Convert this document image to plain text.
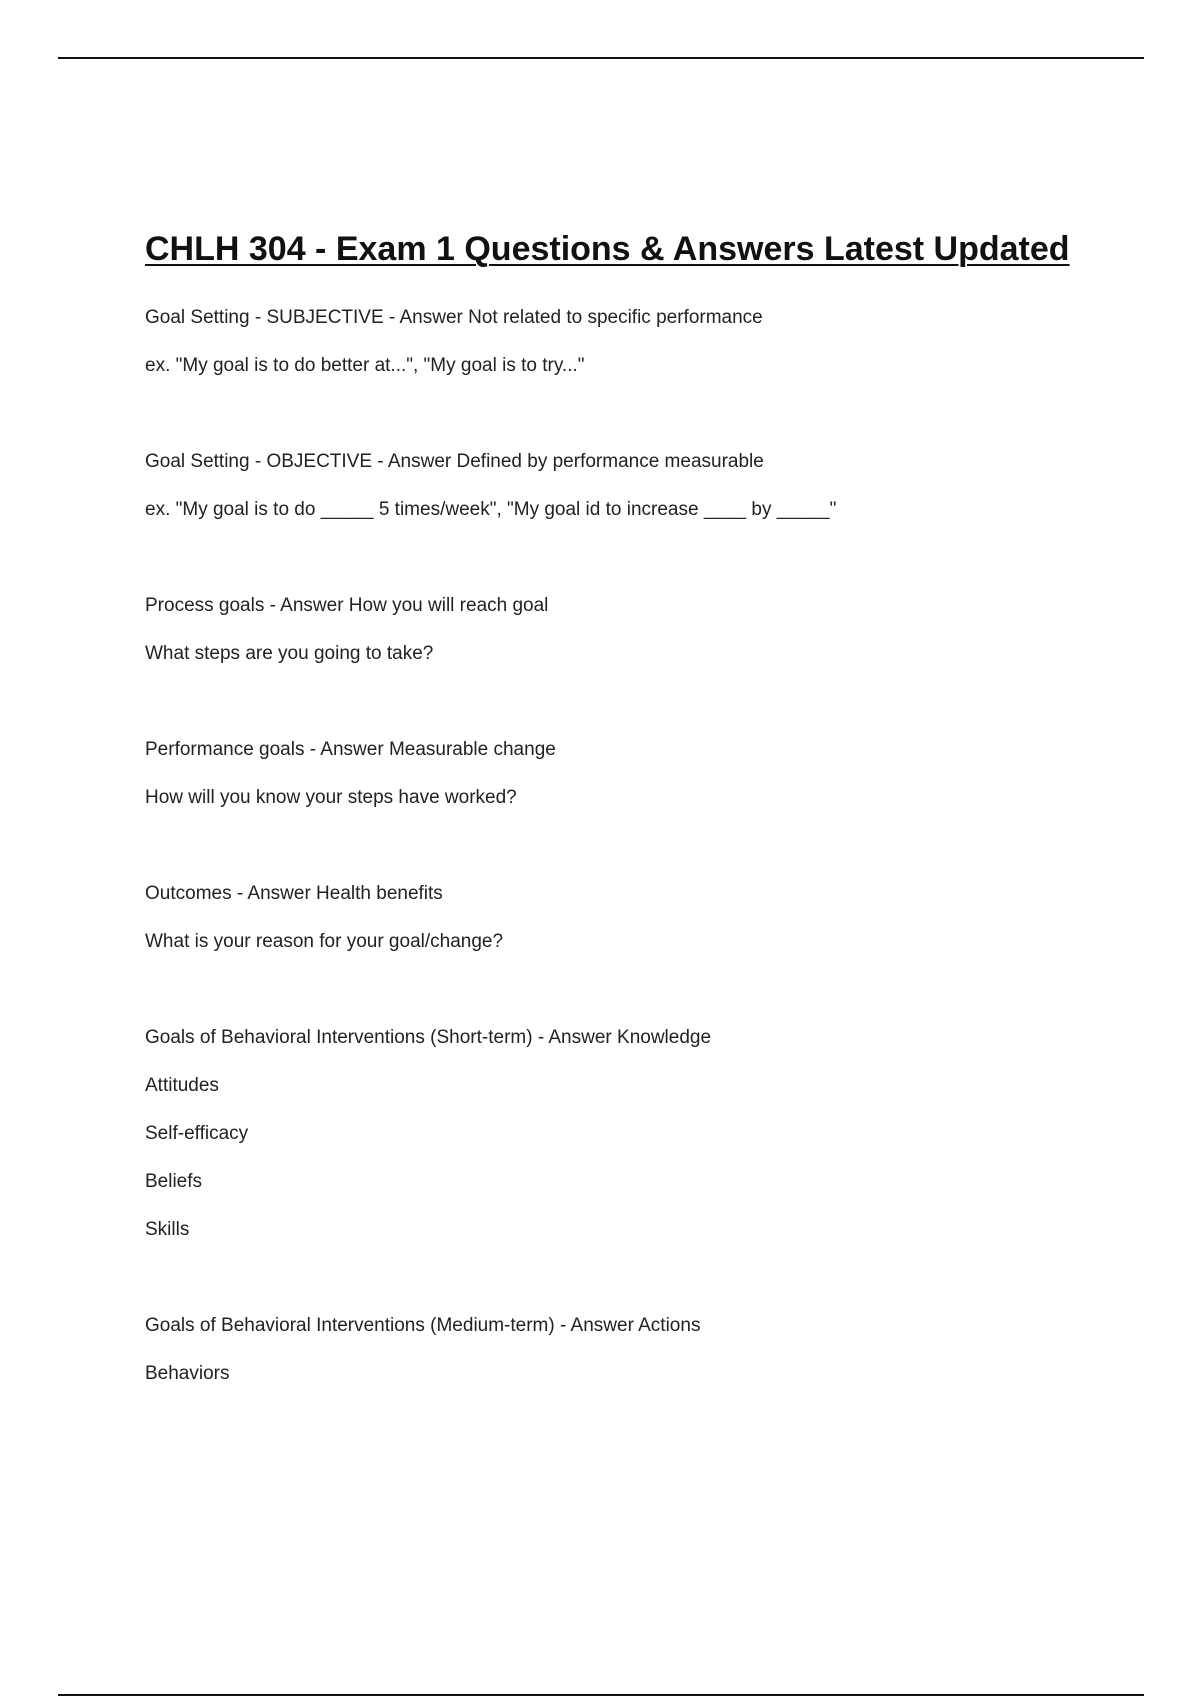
CHLH 304 - Exam 1 Questions & Answers Latest Updated
Goal Setting - SUBJECTIVE - Answer Not related to specific performance
ex. "My goal is to do better at...", "My goal is to try..."
Goal Setting - OBJECTIVE - Answer Defined by performance measurable
ex. "My goal is to do _____ 5 times/week", "My goal id to increase ____ by _____"
Process goals - Answer How you will reach goal
What steps are you going to take?
Performance goals - Answer Measurable change
How will you know your steps have worked?
Outcomes - Answer Health benefits
What is your reason for your goal/change?
Goals of Behavioral Interventions (Short-term) - Answer Knowledge
Attitudes
Self-efficacy
Beliefs
Skills
Goals of Behavioral Interventions (Medium-term) - Answer Actions
Behaviors
